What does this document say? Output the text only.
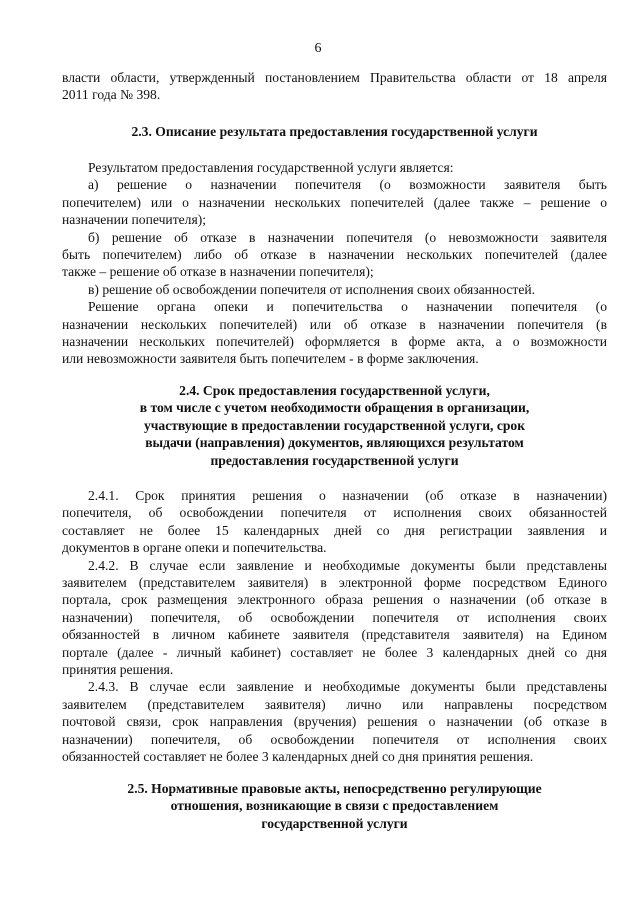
6

власти области, утвержденный постановлением Правительства области от 18 апреля

2011 года № 398.

2.3. Описание результата предоставления государственной услуги

Результатом предоставления государственной услуги является:

а) решение о назначении попечителя (о возможности заявителя быть

попечителем) или о назначении нескольких попечителей (далее также – решение о

назначении попечителя);

б) решение об отказе в назначении попечителя (о невозможности заявителя

быть попечителем) либо об отказе в назначении нескольких попечителей (далее

также – решение об отказе в назначении попечителя);

в) решение об освобождении попечителя от исполнения своих обязанностей.

Решение органа опеки и попечительства о назначении попечителя (о

назначении нескольких попечителей) или об отказе в назначении попечителя (в

назначении нескольких попечителей) оформляется в форме акта, а о возможности

или невозможности заявителя быть попечителем - в форме заключения.

2.4. Срок предоставления государственной услуги,

в том числе с учетом необходимости обращения в организации,

участвующие в предоставлении государственной услуги, срок

выдачи (направления) документов, являющихся результатом

предоставления государственной услуги

2.4.1. Срок принятия решения о назначении (об отказе в назначении)

попечителя, об освобождении попечителя от исполнения своих обязанностей

составляет не более 15 календарных дней со дня регистрации заявления и

документов в органе опеки и попечительства.

2.4.2. В случае если заявление и необходимые документы были представлены

заявителем (представителем заявителя) в электронной форме посредством Единого

портала, срок размещения электронного образа решения о назначении (об отказе в

назначении) попечителя, об освобождении попечителя от исполнения своих

обязанностей в личном кабинете заявителя (представителя заявителя) на Едином

портале (далее - личный кабинет) составляет не более 3 календарных дней со дня

принятия решения.

2.4.3. В случае если заявление и необходимые документы были представлены

заявителем (представителем заявителя) лично или направлены посредством

почтовой связи, срок направления (вручения) решения о назначении (об отказе в

назначении) попечителя, об освобождении попечителя от исполнения своих

обязанностей составляет не более 3 календарных дней со дня принятия решения.

2.5. Нормативные правовые акты, непосредственно регулирующие

отношения, возникающие в связи с предоставлением

государственной услуги
